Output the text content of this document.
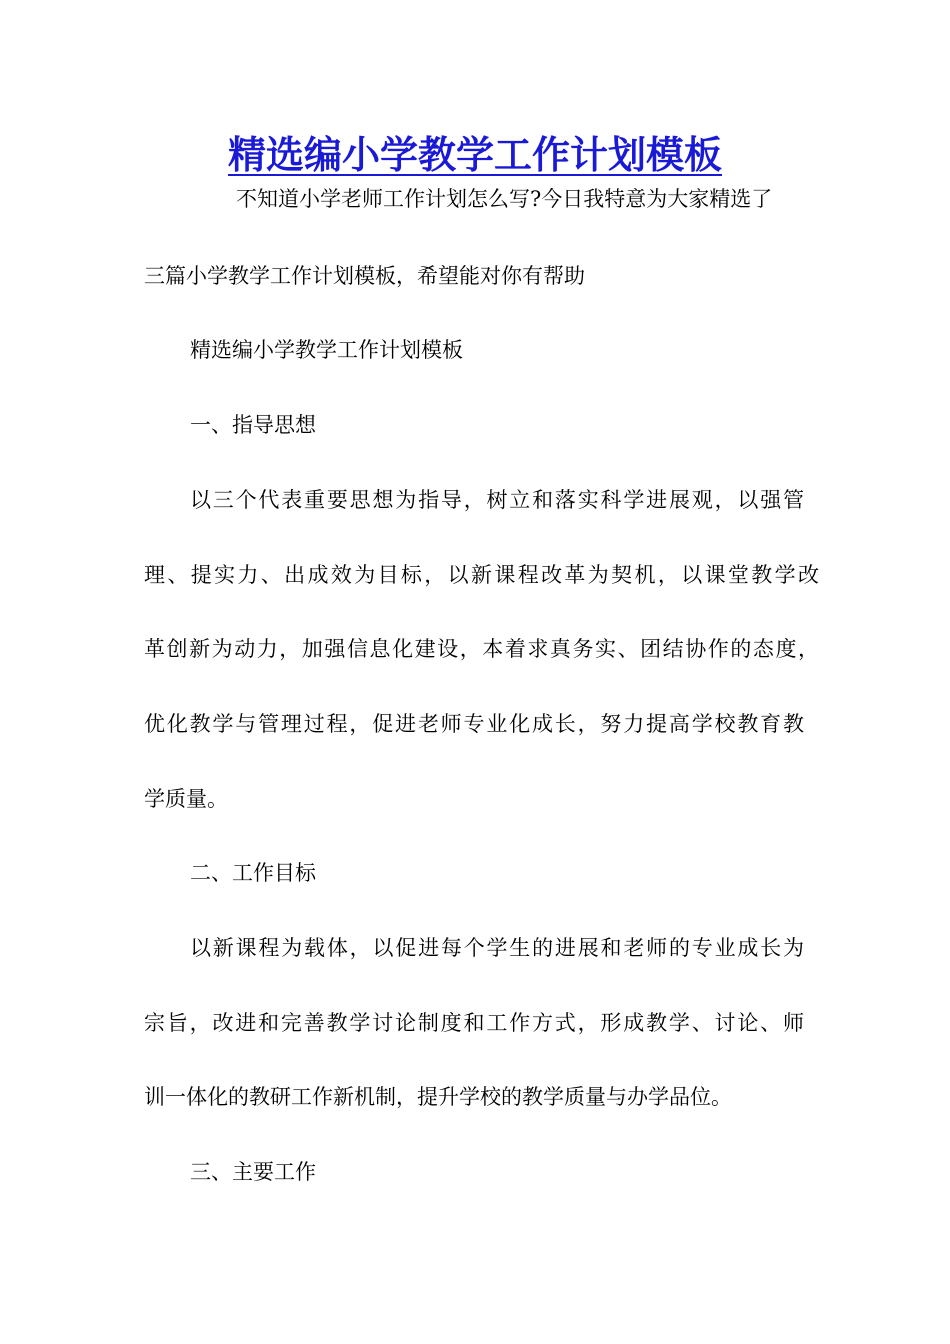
精选编小学教学工作计划模板

不知道小学老师工作计划怎么写?今日我特意为大家精选了

三篇小学教学工作计划模板，希望能对你有帮助

精选编小学教学工作计划模板

一、指导思想

以三个代表重要思想为指导，树立和落实科学进展观，以强管

理、提实力、出成效为目标，以新课程改革为契机，以课堂教学改

革创新为动力，加强信息化建设，本着求真务实、团结协作的态度，

优化教学与管理过程，促进老师专业化成长，努力提高学校教育教

学质量。

二、工作目标

以新课程为载体，以促进每个学生的进展和老师的专业成长为

宗旨，改进和完善教学讨论制度和工作方式，形成教学、讨论、师

训一体化的教研工作新机制，提升学校的教学质量与办学品位。

三、主要工作
